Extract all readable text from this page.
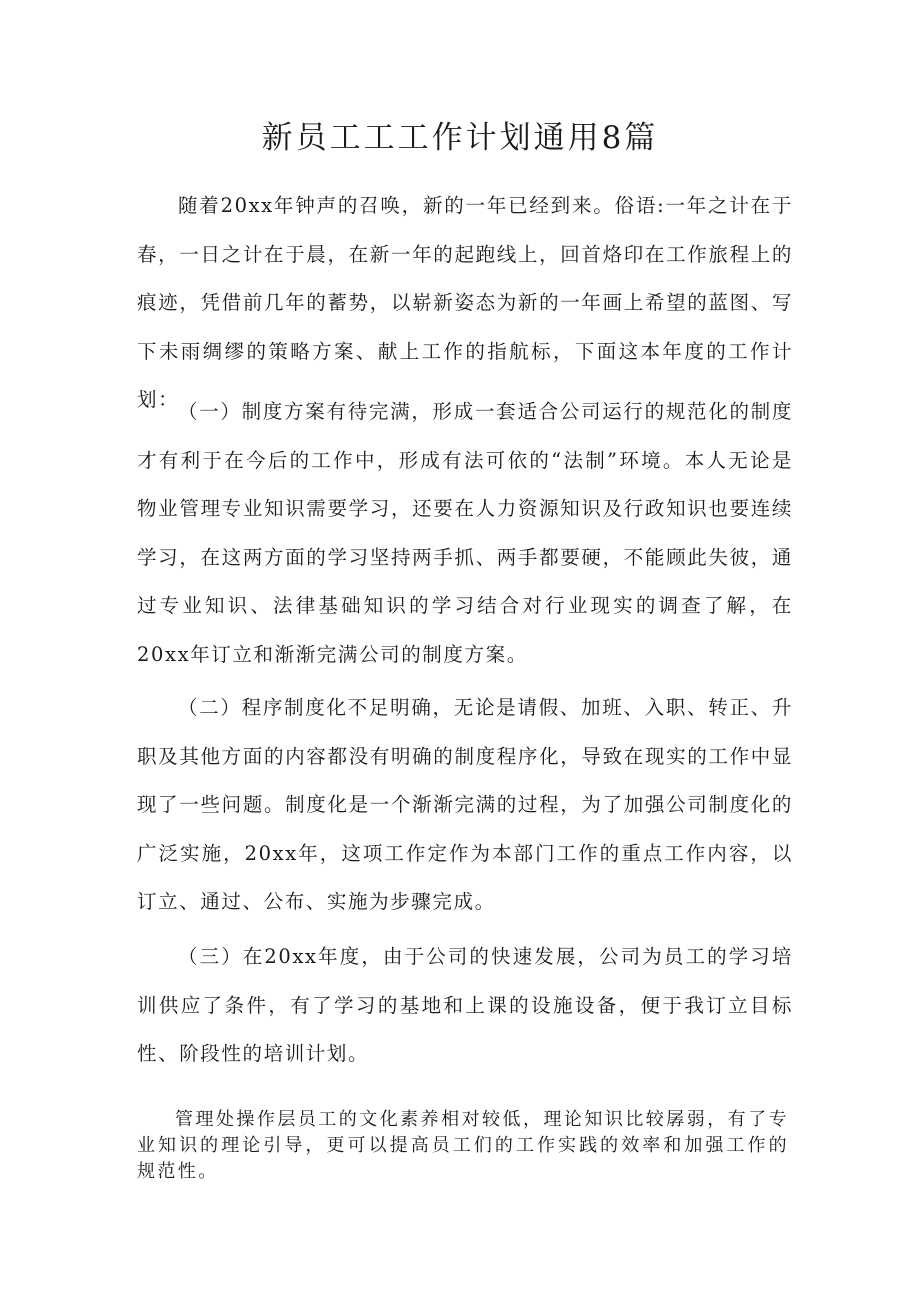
新员工工工作计划通用8篇

随着20xx年钟声的召唤，新的一年已经到来。俗语:一年之计在于春，一日之计在于晨，在新一年的起跑线上，回首烙印在工作旅程上的痕迹，凭借前几年的蓄势，以崭新姿态为新的一年画上希望的蓝图、写下未雨绸缪的策略方案、献上工作的指航标，下面这本年度的工作计划：

（一）制度方案有待完满，形成一套适合公司运行的规范化的制度才有利于在今后的工作中，形成有法可依的“法制”环境。本人无论是物业管理专业知识需要学习，还要在人力资源知识及行政知识也要连续学习，在这两方面的学习坚持两手抓、两手都要硬，不能顾此失彼，通过专业知识、法律基础知识的学习结合对行业现实的调查了解，在20xx年订立和渐渐完满公司的制度方案。

（二）程序制度化不足明确，无论是请假、加班、入职、转正、升职及其他方面的内容都没有明确的制度程序化，导致在现实的工作中显现了一些问题。制度化是一个渐渐完满的过程，为了加强公司制度化的广泛实施，20xx年，这项工作定作为本部门工作的重点工作内容，以订立、通过、公布、实施为步骤完成。

（三）在20xx年度，由于公司的快速发展，公司为员工的学习培训供应了条件，有了学习的基地和上课的设施设备，便于我订立目标性、阶段性的培训计划。

管理处操作层员工的文化素养相对较低，理论知识比较孱弱，有了专业知识的理论引导，更可以提高员工们的工作实践的效率和加强工作的规范性。
